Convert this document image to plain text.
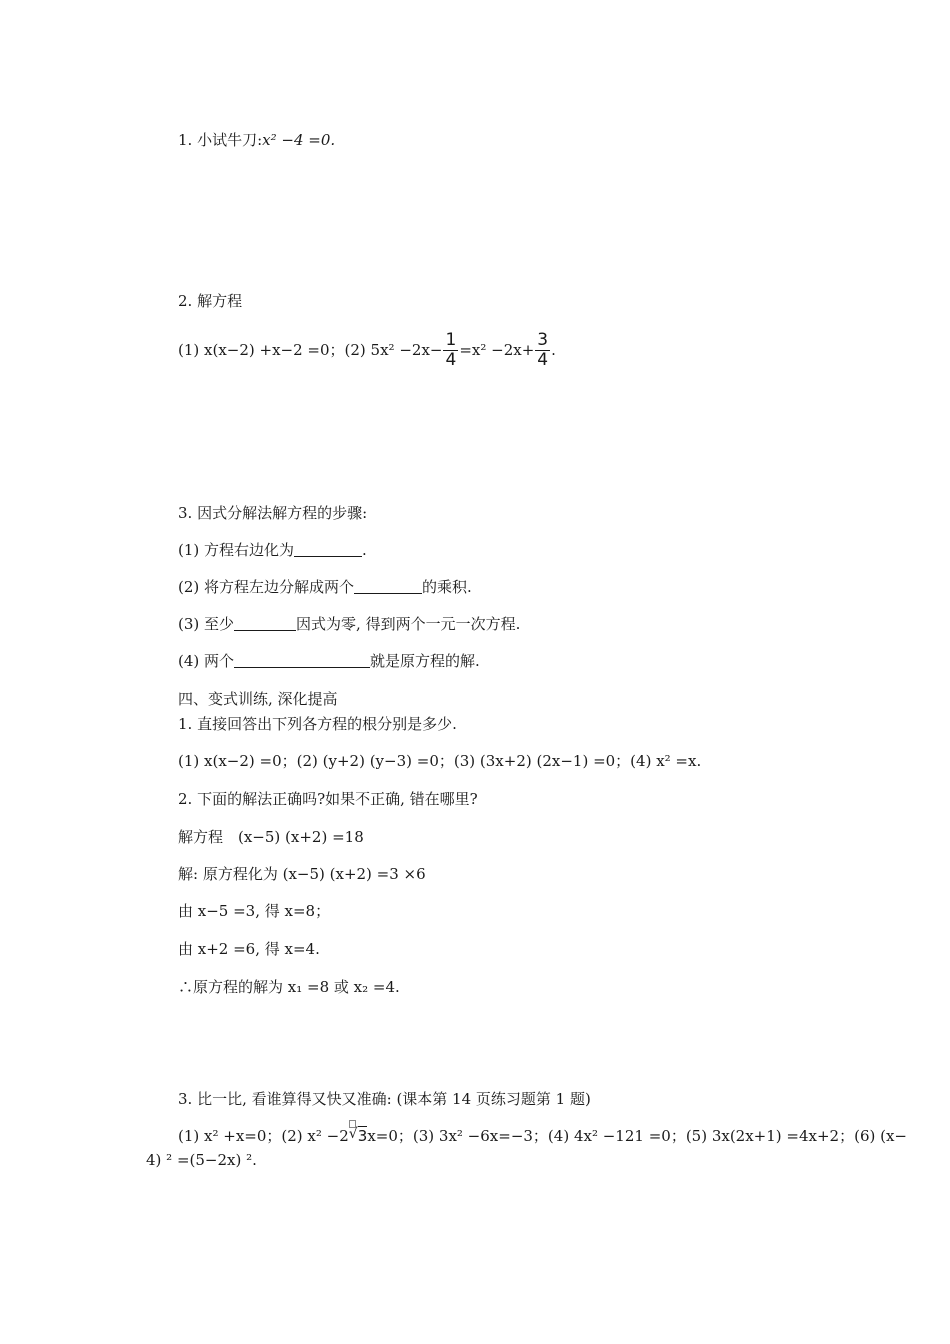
1. 小试牛刀:x² −4 =0.
2. 解方程
(1) x(x−2) +x−2 =0；(2) $5x^2 -2x- \frac{1}{4} =x^2 -2x+ \frac{3}{4}$ .
3. 因式分解法解方程的步骤:
(1) 方程右边化为	.
(2) 将方程左边分解成两个	的乘积.
(3) 至少	因式为零, 得到两个一元一次方程.
(4) 两个	就是原方程的解.
四、变式训练, 深化提高
1. 直接回答出下列各方程的根分别是多少.
(1) x(x−2) =0；(2) (y+2) (y−3) =0；(3) (3x+2) (2x−1) =0；(4) x² =x.
2. 下面的解法正确吗?如果不正确, 错在哪里?
解方程　(x−5) (x+2) =18
解: 原方程化为 (x−5) (x+2) =3 ×6
由 x−5 =3, 得 x=8；
由 x+2 =6, 得 x=4.
∴原方程的解为 x₁ =8 或 x₂ =4.
3. 比一比, 看谁算得又快又准确: (课本第 14 页练习题第 1 题)
(1) x² +x=0；(2) x² −2 √ 3x=0；(3) 3x² −6x=−3；(4) 4x² −121 =0；(5) 3x(2x+1) =4x+2；(6) (x−
4) ² =(5−2x) ².
